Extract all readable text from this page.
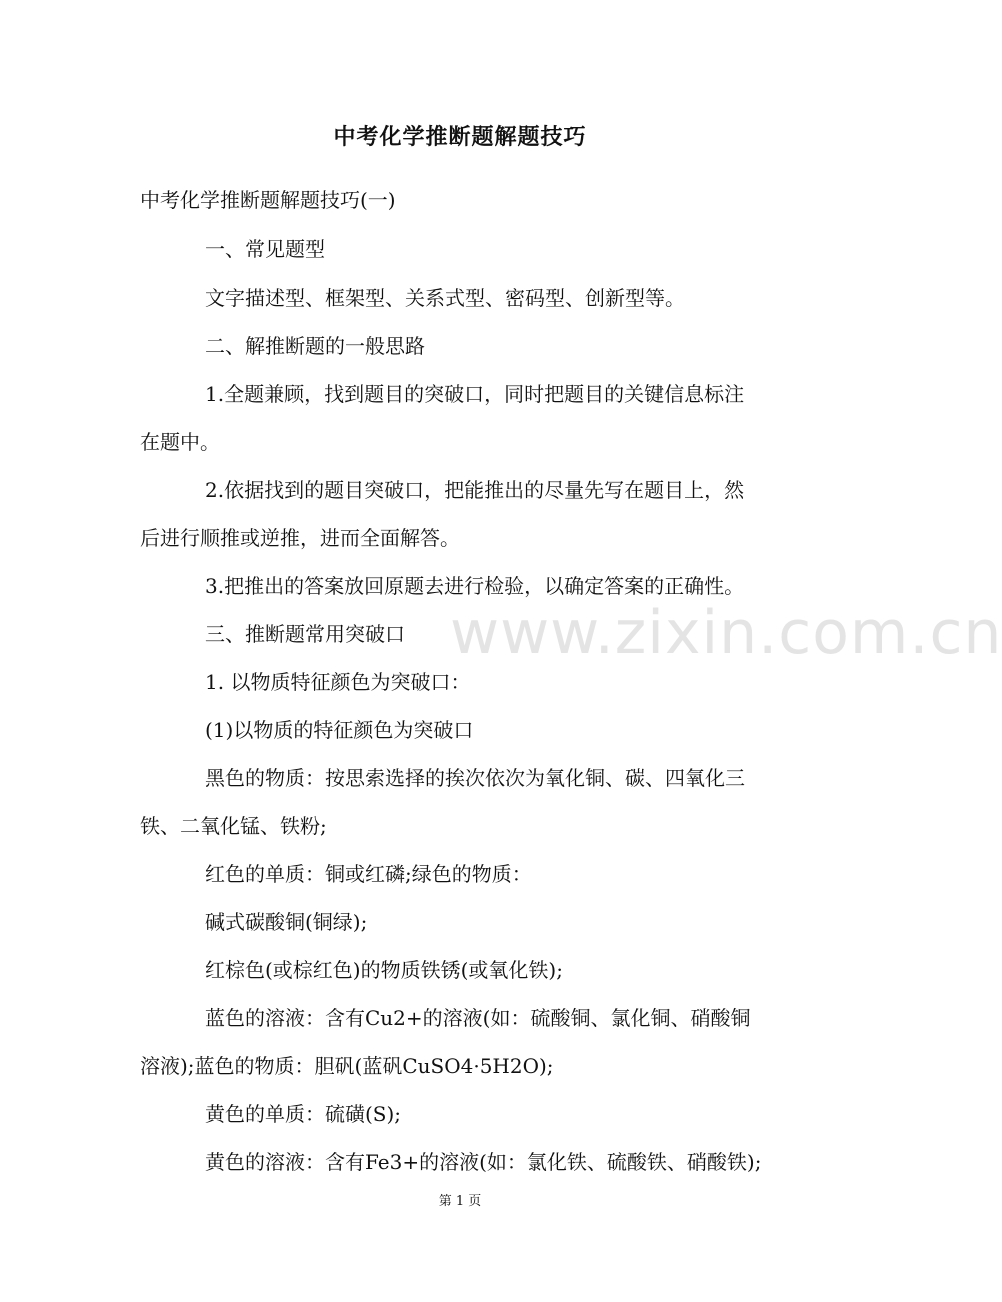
中考化学推断题解题技巧
中考化学推断题解题技巧(一)
一、常见题型
文字描述型、框架型、关系式型、密码型、创新型等。
二、解推断题的一般思路
1.全题兼顾，找到题目的突破口，同时把题目的关键信息标注
在题中。
2.依据找到的题目突破口，把能推出的尽量先写在题目上，然
后进行顺推或逆推，进而全面解答。
3.把推出的答案放回原题去进行检验，以确定答案的正确性。
三、推断题常用突破口
1. 以物质特征颜色为突破口：
(1)以物质的特征颜色为突破口
黑色的物质：按思索选择的挨次依次为氧化铜、碳、四氧化三
铁、二氧化锰、铁粉;
红色的单质：铜或红磷;绿色的物质：
碱式碳酸铜(铜绿);
红棕色(或棕红色)的物质铁锈(或氧化铁);
蓝色的溶液：含有Cu2+的溶液(如：硫酸铜、氯化铜、硝酸铜
溶液);蓝色的物质：胆矾(蓝矾CuSO4·5H2O);
黄色的单质：硫磺(S);
黄色的溶液：含有Fe3+的溶液(如：氯化铁、硫酸铁、硝酸铁);
www.zixin.com.cn
第 1 页
